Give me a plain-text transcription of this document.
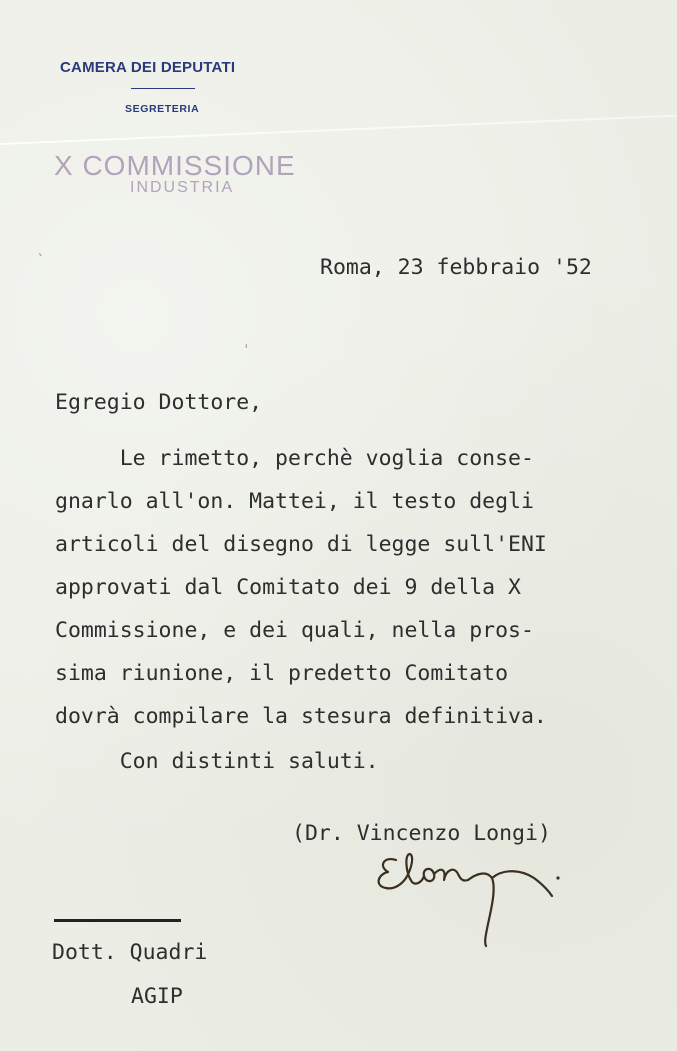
CAMERA DEI DEPUTATI
SEGRETERIA
X COMMISSIONE
INDUSTRIA
ˎ
ˌ
Roma, 23 febbraio '52
Egregio Dottore,
Le rimetto, perchè voglia conse-
gnarlo all'on. Mattei, il testo degli
articoli del disegno di legge sull'ENI
approvati dal Comitato dei 9 della X
Commissione, e dei quali, nella pros-
sima riunione, il predetto Comitato
dovrà compilare la stesura definitiva.
Con distinti saluti.
(Dr. Vincenzo Longi)
Dott. Quadri
AGIP
